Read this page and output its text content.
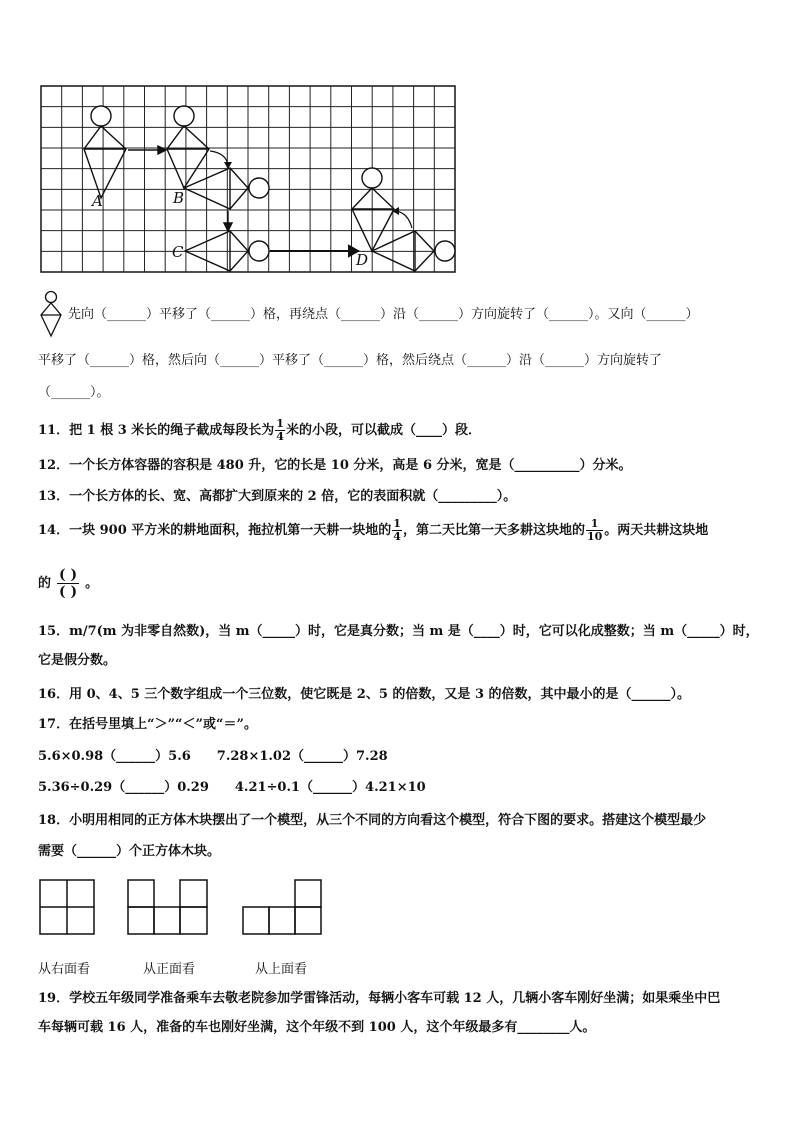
A	B
C	D
先向（______）平移了（______）格，再绕点（______）沿（______）方向旋转了（______）。又向（______）
平移了（______）格，然后向（______）平移了（______）格，然后绕点（______）沿（______）方向旋转了
（______）。
11．把 1 根 3 米长的绳子截成每段长为 $\frac{1}{4}$ 米的小段，可以截成（____）段．
12．一个长方体容器的容积是 480 升，它的长是 10 分米，高是 6 分米，宽是（__________）分米。
13．一个长方体的长、宽、高都扩大到原来的 2 倍，它的表面积就（_________）。
14．一块 900 平方米的耕地面积，拖拉机第一天耕一块地的 $\frac{1}{4}$ ，第二天比第一天多耕这块地的 $\frac{1}{10}$ 。两天共耕这块地
的 $\frac{( )}{( )}$ 。
15．m/7(m 为非零自然数)，当 m（_____）时，它是真分数；当 m 是（____）时，它可以化成整数；当 m（_____）时，
它是假分数。
16．用 0、4、5 三个数字组成一个三位数，使它既是 2、5 的倍数，又是 3 的倍数，其中最小的是（______）。
17．在括号里填上“＞”“＜”或“＝”。
5.6×0.98（______）5.6　　7.28×1.02（______）7.28
5.36÷0.29（______）0.29　　4.21÷0.1（______）4.21×10
18．小明用相同的正方体木块摆出了一个模型，从三个不同的方向看这个模型，符合下图的要求。搭建这个模型最少
需要（______）个正方体木块。
从右面看	从正面看	从上面看
19．学校五年级同学准备乘车去敬老院参加学雷锋活动，每辆小客车可载 12 人，几辆小客车刚好坐满；如果乘坐中巴
车每辆可载 16 人，准备的车也刚好坐满，这个年级不到 100 人，这个年级最多有________人。
